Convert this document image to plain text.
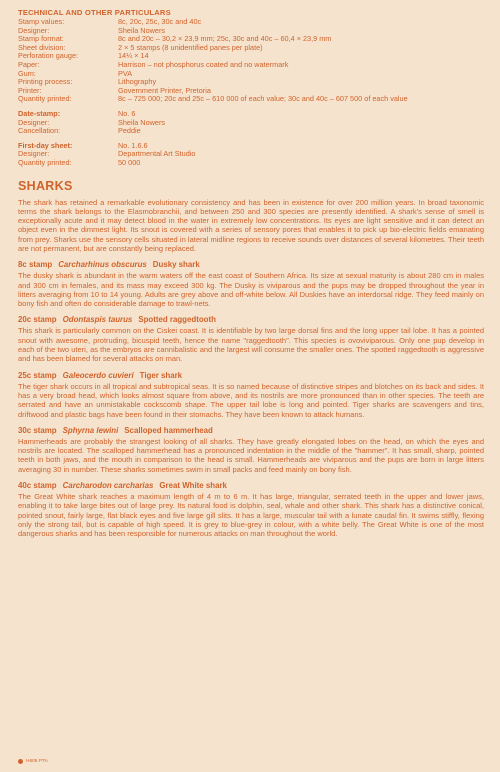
TECHNICAL AND OTHER PARTICULARS
Stamp values:	8c, 20c, 25c, 30c and 40c
Designer:	Sheila Nowers
Stamp format:	8c and 20c – 30,2 × 23,9 mm; 25c, 30c and 40c – 60,4 × 23,9 mm
Sheet division:	2 × 5 stamps (8 unidentified panes per plate)
Perforation gauge:	14¼ × 14
Paper:	Harrison – not phosphorus coated and no watermark
Gum:	PVA
Printing process:	Lithography
Printer:	Government Printer, Pretoria
Quantity printed:	8c – 725 000; 20c and 25c – 610 000 of each value; 30c and 40c – 607 500 of each value
Date-stamp:	No. 6
Designer:	Sheila Nowers
Cancellation:	Peddie
First-day sheet:	No. 1.6.6
Designer:	Departmental Art Studio
Quantity printed:	50 000
SHARKS

The shark has retained a remarkable evolutionary consistency and has been in existence for over 200 million years. In broad taxonomic terms the shark belongs to the Elasmobranchii, and between 250 and 300 species are presently identified. A shark's sense of smell is exceptionally acute and it may detect blood in the water in extremely low concentrations. Its eyes are light sensitive and it can detect an object even in the dimmest light. Its snout is covered with a series of sensory pores that enables it to pick up bio-electric fields emanating from prey. Sharks use the sensory cells situated in lateral midline regions to receive sounds over distances of several kilometres. Their teeth are not permanent, but are constantly being replaced.

8c stamp Carcharhinus obscurus Dusky shark

The dusky shark is abundant in the warm waters off the east coast of Southern Africa. Its size at sexual maturity is about 280 cm in males and 300 cm in females, and its mass may exceed 300 kg. The Dusky is viviparous and the pups may be dropped throughout the year in litters averaging from 10 to 14 young. Adults are grey above and off-white below. All Duskies have an interdorsal ridge. They feed mainly on bony fish and often do considerable damage to trawl-nets.

20c stamp Odontaspis taurus Spotted raggedtooth

This shark is particularly common on the Ciskei coast. It is identifiable by two large dorsal fins and the long upper tail lobe. It has a pointed snout with awesome, protruding, bicuspid teeth, hence the name "raggedtooth". This species is ovoviviparous. Only one pup develop in each of the two uteri, as the embryos are cannibalistic and the largest will consume the smaller ones. The spotted raggedtooth is aggressive and has been blamed for several attacks on man.

25c stamp Galeocerdo cuvieri Tiger shark

The tiger shark occurs in all tropical and subtropical seas. It is so named because of distinctive stripes and blotches on its back and sides. It has a very broad head, which looks almost square from above, and its nostrils are more pronounced than in other species. The teeth are serrated and have an unmistakable cockscomb shape. The upper tail lobe is long and pointed. Tiger sharks are scavengers and tins, driftwood and plastic bags have been found in their stomachs. They have been known to attack humans.

30c stamp Sphyrna lewini Scalloped hammerhead

Hammerheads are probably the strangest looking of all sharks. They have greatly elongated lobes on the head, on which the eyes and nostrils are located. The scalloped hammerhead has a pronounced indentation in the middle of the "hammer". It has small, sharp, pointed teeth in both jaws, and the mouth in comparison to the head is small. Hammerheads are viviparous and the pups are born in large litters averaging 30 in number. These sharks sometimes swim in small packs and feed mainly on bony fish.

40c stamp Carcharodon carcharias Great White shark

The Great White shark reaches a maximum length of 4 m to 6 m. It has large, triangular, serrated teeth in the upper and lower jaws, enabling it to take large bites out of large prey. Its natural food is dolphin, seal, whale and other shark. This shark has a distinctive conical, pointed snout, fairly large, flat black eyes and five large gill slits. It has a large, muscular tail with a lunate caudal fin. It swims stiffly, flexing only the strong tail, but is capable of high speed. It is grey to blue-grey in colour, with a white belly. The Great White is one of the most dangerous sharks and has been responsible for numerous attacks on man throughout the world.

H605 PTA
